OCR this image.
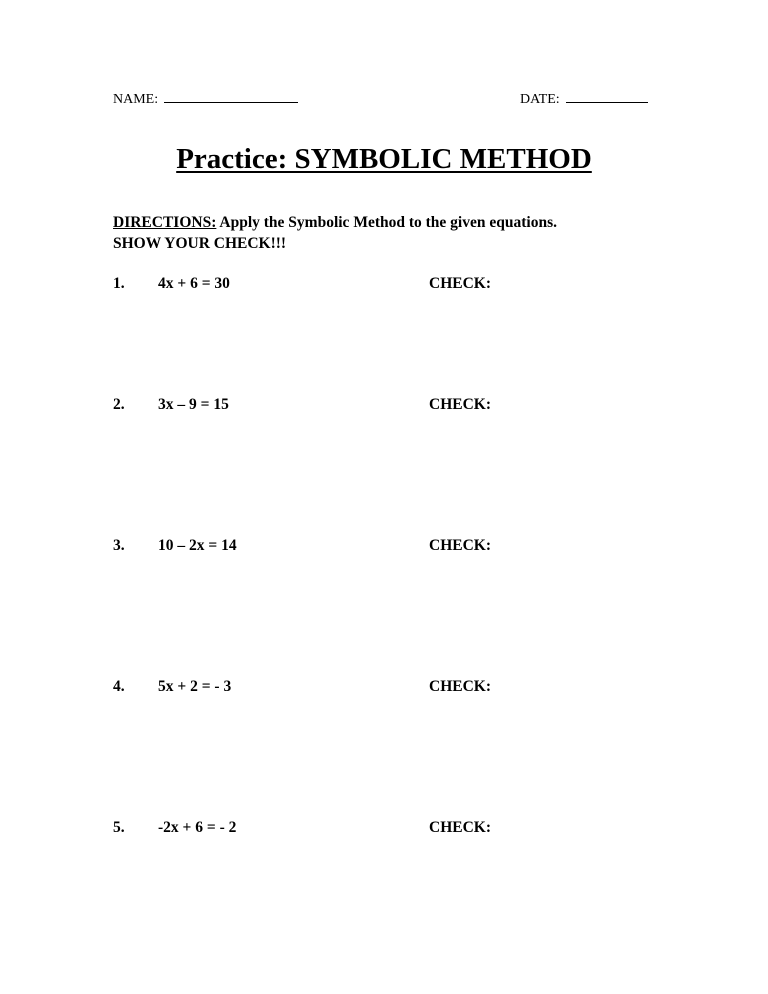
NAME:	DATE:
Practice: SYMBOLIC METHOD
DIRECTIONS: Apply the Symbolic Method to the given equations.
SHOW YOUR CHECK!!!
1. 4x + 6 = 30	CHECK:
2. 3x – 9 = 15	CHECK:
3. 10 – 2x = 14	CHECK:
4. 5x + 2 = - 3	CHECK:
5. -2x + 6 = - 2	CHECK:
